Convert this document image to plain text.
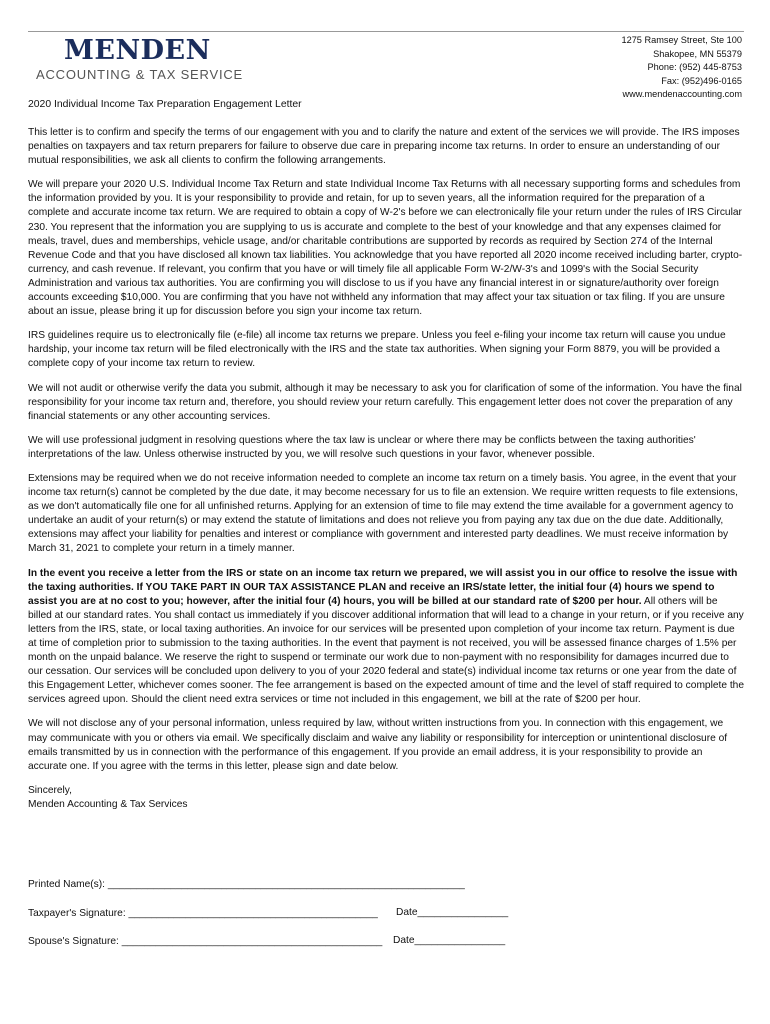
MENDEN
ACCOUNTING & TAX SERVICE
1275 Ramsey Street, Ste 100
Shakopee, MN 55379
Phone: (952) 445-8753
Fax: (952)496-0165
www.mendenaccounting.com
2020 Individual Income Tax Preparation Engagement Letter

This letter is to confirm and specify the terms of our engagement with you and to clarify the nature and extent of the services we will provide. The IRS imposes penalties on taxpayers and tax return preparers for failure to observe due care in preparing income tax returns. In order to ensure an understanding of our mutual responsibilities, we ask all clients to confirm the following arrangements.

We will prepare your 2020 U.S. Individual Income Tax Return and state Individual Income Tax Returns with all necessary supporting forms and schedules from the information provided by you. It is your responsibility to provide and retain, for up to seven years, all the information required for the preparation of a complete and accurate income tax return. We are required to obtain a copy of W-2's before we can electronically file your return under the rules of IRS Circular 230. You represent that the information you are supplying to us is accurate and complete to the best of your knowledge and that any expenses claimed for meals, travel, dues and memberships, vehicle usage, and/or charitable contributions are supported by records as required by Section 274 of the Internal Revenue Code and that you have disclosed all known tax liabilities. You acknowledge that you have reported all 2020 income received including barter, crypto-currency, and cash revenue. If relevant, you confirm that you have or will timely file all applicable Form W-2/W-3's and 1099's with the Social Security Administration and various tax authorities. You are confirming you will disclose to us if you have any financial interest in or signature/authority over foreign accounts exceeding $10,000. You are confirming that you have not withheld any information that may affect your tax situation or tax filing. If you are unsure about an issue, please bring it up for discussion before you sign your income tax return.

IRS guidelines require us to electronically file (e-file) all income tax returns we prepare. Unless you feel e-filing your income tax return will cause you undue hardship, your income tax return will be filed electronically with the IRS and the state tax authorities. When signing your Form 8879, you will be provided a complete copy of your income tax return to review.

We will not audit or otherwise verify the data you submit, although it may be necessary to ask you for clarification of some of the information. You have the final responsibility for your income tax return and, therefore, you should review your return carefully. This engagement letter does not cover the preparation of any financial statements or any other accounting services.

We will use professional judgment in resolving questions where the tax law is unclear or where there may be conflicts between the taxing authorities' interpretations of the law. Unless otherwise instructed by you, we will resolve such questions in your favor, whenever possible.

Extensions may be required when we do not receive information needed to complete an income tax return on a timely basis. You agree, in the event that your income tax return(s) cannot be completed by the due date, it may become necessary for us to file an extension. We require written requests to file extensions, as we don't automatically file one for all unfinished returns. Applying for an extension of time to file may extend the time available for a government agency to undertake an audit of your return(s) or may extend the statute of limitations and does not relieve you from paying any tax due on the due date. Additionally, extensions may affect your liability for penalties and interest or compliance with government and interested party deadlines. We must receive information by March 31, 2021 to complete your return in a timely manner.

In the event you receive a letter from the IRS or state on an income tax return we prepared, we will assist you in our office to resolve the issue with the taxing authorities. If YOU TAKE PART IN OUR TAX ASSISTANCE PLAN and receive an IRS/state letter, the initial four (4) hours we spend to assist you are at no cost to you; however, after the initial four (4) hours, you will be billed at our standard rate of $200 per hour. All others will be billed at our standard rates. You shall contact us immediately if you discover additional information that will lead to a change in your return, or if you receive any letters from the IRS, state, or local taxing authorities. An invoice for our services will be presented upon completion of your income tax return. Payment is due at time of completion prior to submission to the taxing authorities. In the event that payment is not received, you will be assessed finance charges of 1.5% per month on the unpaid balance. We reserve the right to suspend or terminate our work due to non-payment with no responsibility for damages incurred due to our cessation. Our services will be concluded upon delivery to you of your 2020 federal and state(s) individual income tax returns or one year from the date of this Engagement Letter, whichever comes sooner. The fee arrangement is based on the expected amount of time and the level of staff required to complete the services agreed upon. Should the client need extra services or time not included in this engagement, we bill at the rate of $200 per hour.

We will not disclose any of your personal information, unless required by law, without written instructions from you. In connection with this engagement, we may communicate with you or others via email. We specifically disclaim and waive any liability or responsibility for interception or unintentional disclosure of emails transmitted by us in connection with the performance of this engagement. If you provide an email address, it is your responsibility to provide an accurate one. If you agree with the terms in this letter, please sign and date below.

Sincerely,
Menden Accounting & Tax Services
Printed Name(s): _______________________________________________________________
Taxpayer's Signature: ____________________________________________ Date________________
Spouse's Signature: ______________________________________________ Date________________
